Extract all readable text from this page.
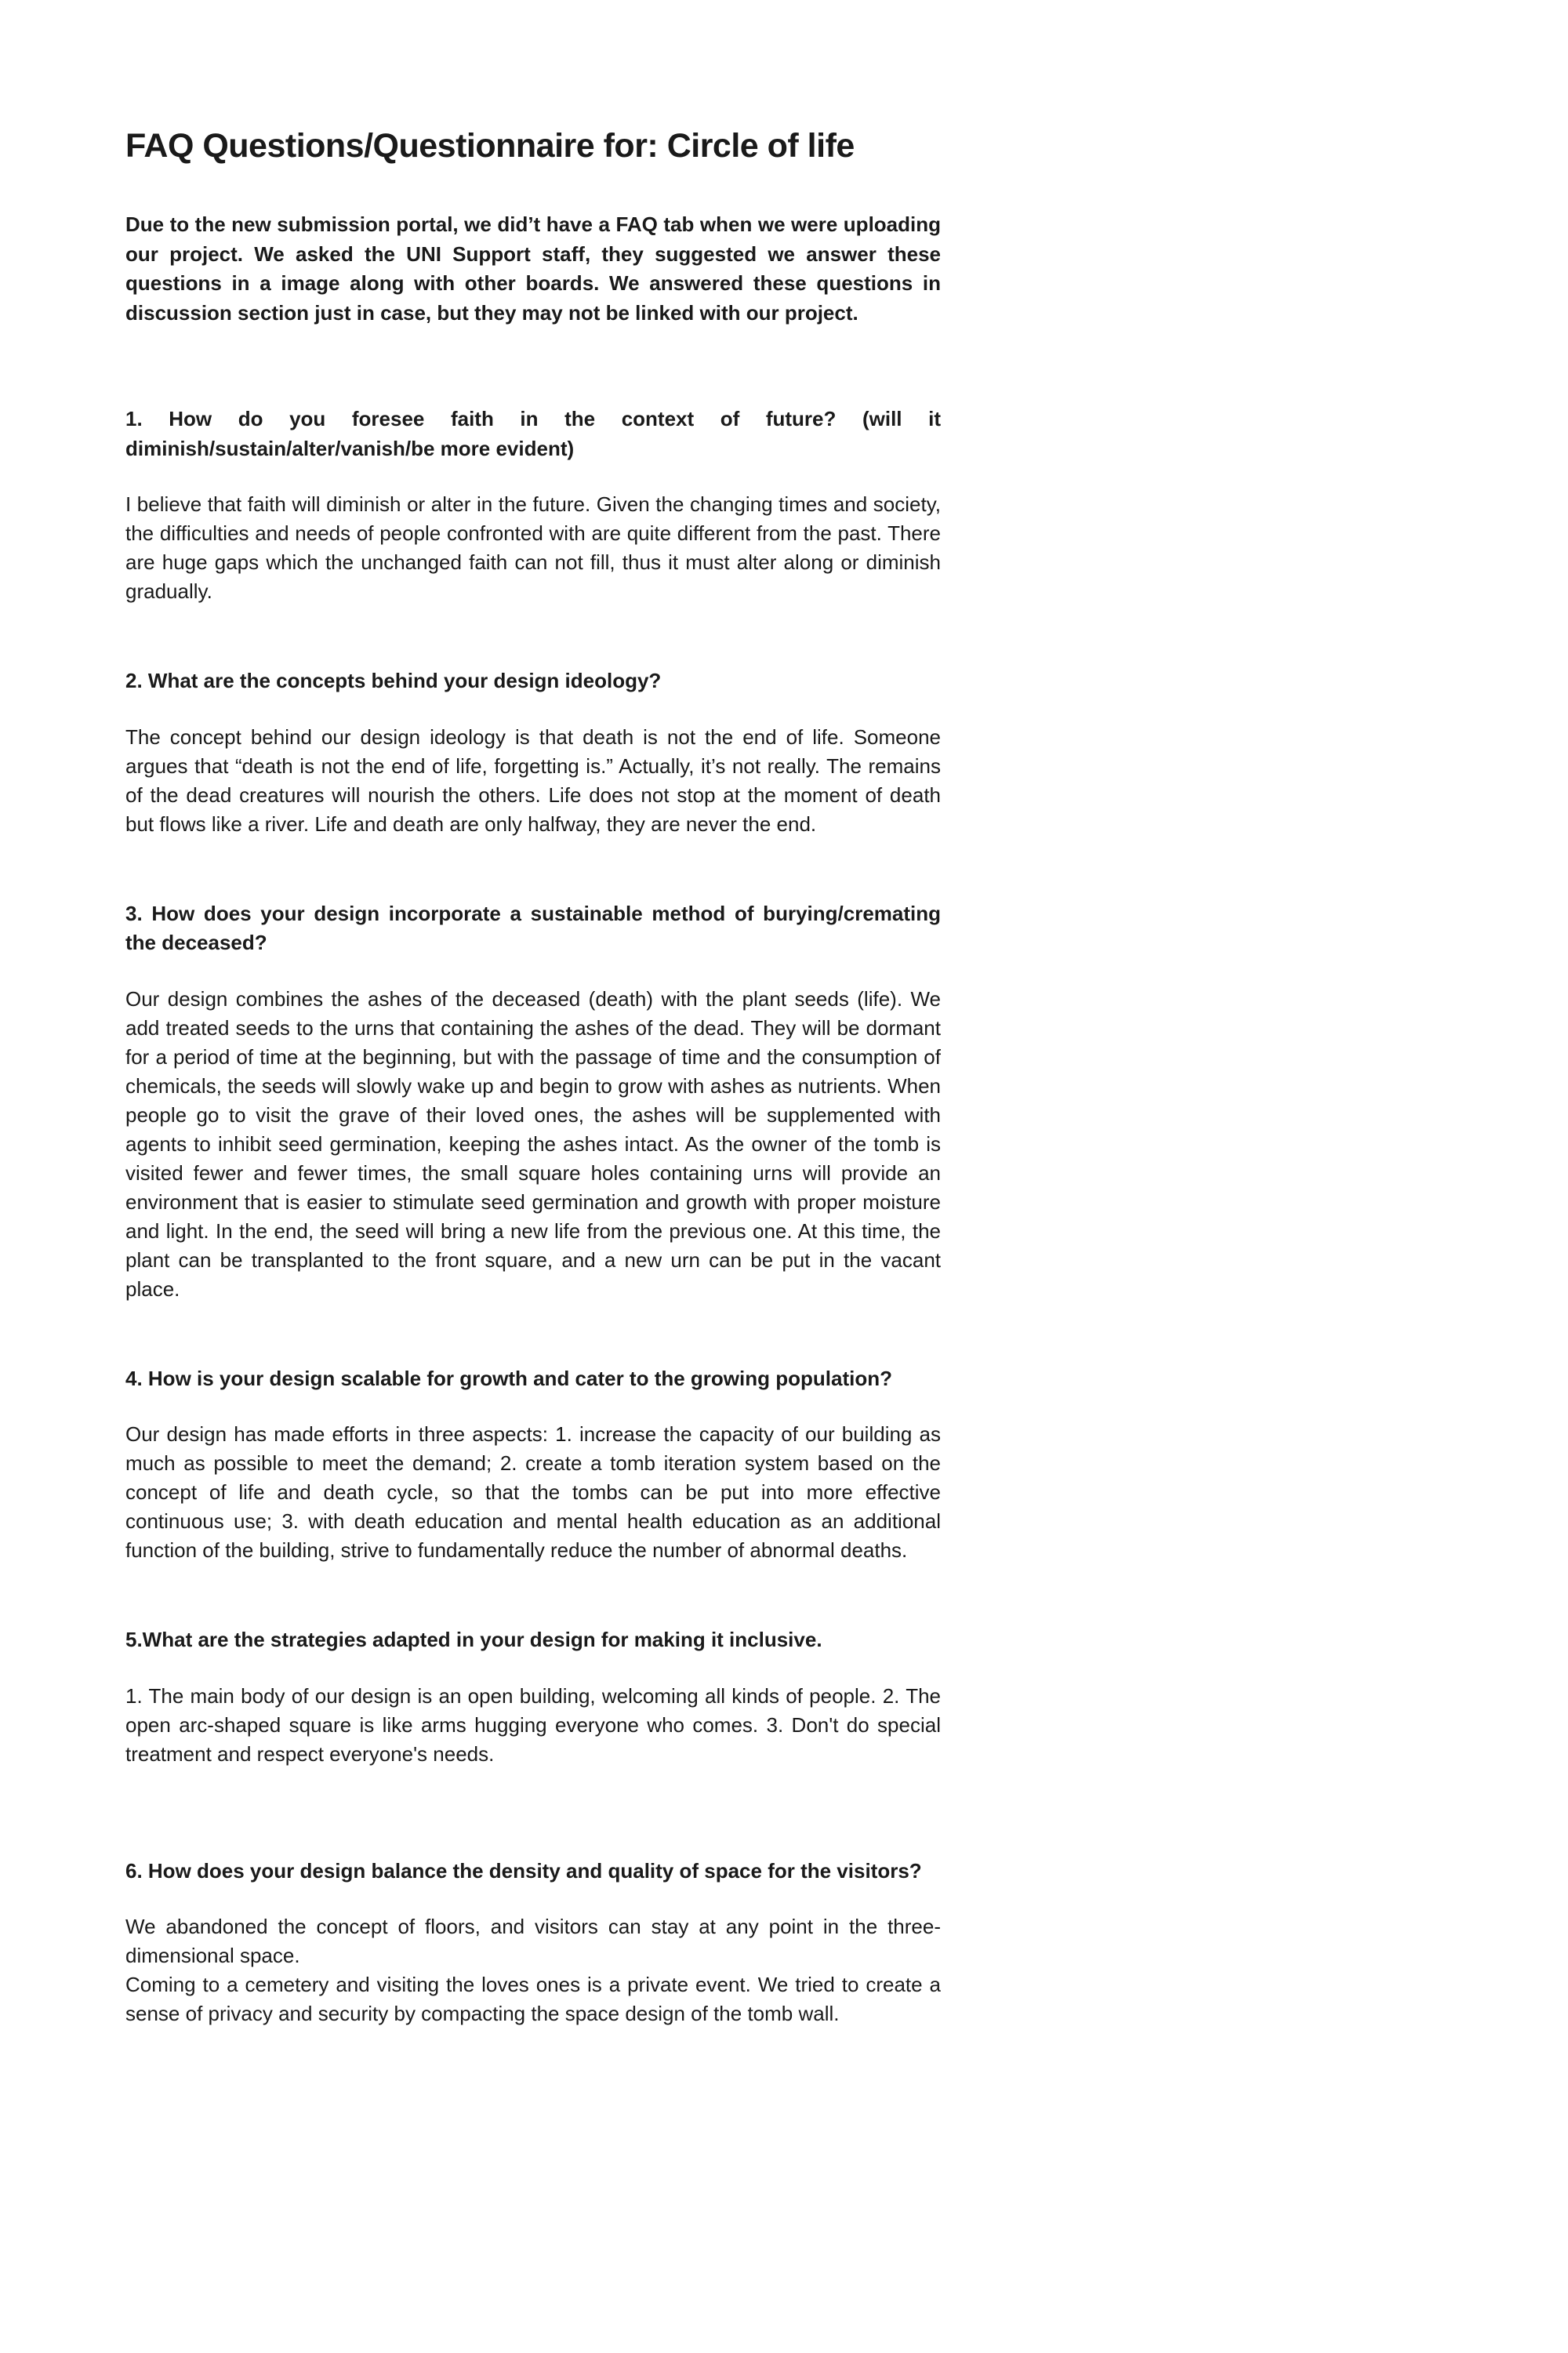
FAQ Questions/Questionnaire for: Circle of life

Due to the new submission portal, we did’t have a FAQ tab when we were uploading our project. We asked the UNI Support staff, they suggested we answer these questions in a image along with other boards. We answered these questions in discussion section just in case, but they may not be linked with our project.

1. How do you foresee faith in the context of future? (will it diminish/sustain/alter/vanish/be more evident)

I believe that faith will diminish or alter in the future. Given the changing times and society, the difficulties and needs of people confronted with are quite different from the past. There are huge gaps which the unchanged faith can not fill, thus it must alter along or diminish gradually.

2. What are the concepts behind your design ideology?

The concept behind our design ideology is that death is not the end of life. Someone argues that “death is not the end of life, forgetting is.” Actually, it’s not really. The remains of the dead creatures will nourish the others. Life does not stop at the moment of death but flows like a river. Life and death are only halfway, they are never the end.

3. How does your design incorporate a sustainable method of burying/cremating the deceased?

Our design combines the ashes of the deceased (death) with the plant seeds (life). We add treated seeds to the urns that containing the ashes of the dead. They will be dormant for a period of time at the beginning, but with the passage of time and the consumption of chemicals, the seeds will slowly wake up and begin to grow with ashes as nutrients. When people go to visit the grave of their loved ones, the ashes will be supplemented with agents to inhibit seed germination, keeping the ashes intact. As the owner of the tomb is visited fewer and fewer times, the small square holes containing urns will provide an environment that is easier to stimulate seed germination and growth with proper moisture and light. In the end, the seed will bring a new life from the previous one. At this time, the plant can be transplanted to the front square, and a new urn can be put in the vacant place.

4. How is your design scalable for growth and cater to the growing population?

Our design has made efforts in three aspects: 1. increase the capacity of our building as much as possible to meet the demand; 2. create a tomb iteration system based on the concept of life and death cycle, so that the tombs can be put into more effective continuous use; 3. with death education and mental health education as an additional function of the building, strive to fundamentally reduce the number of abnormal deaths.

5.What are the strategies adapted in your design for making it inclusive.

1. The main body of our design is an open building, welcoming all kinds of people. 2. The open arc-shaped square is like arms hugging everyone who comes. 3. Don't do special treatment and respect everyone's needs.

6. How does your design balance the density and quality of space for the visitors?

We abandoned the concept of floors, and visitors can stay at any point in the three-dimensional space.

Coming to a cemetery and visiting the loves ones is a private event. We tried to create a sense of privacy and security by compacting the space design of the tomb wall.
